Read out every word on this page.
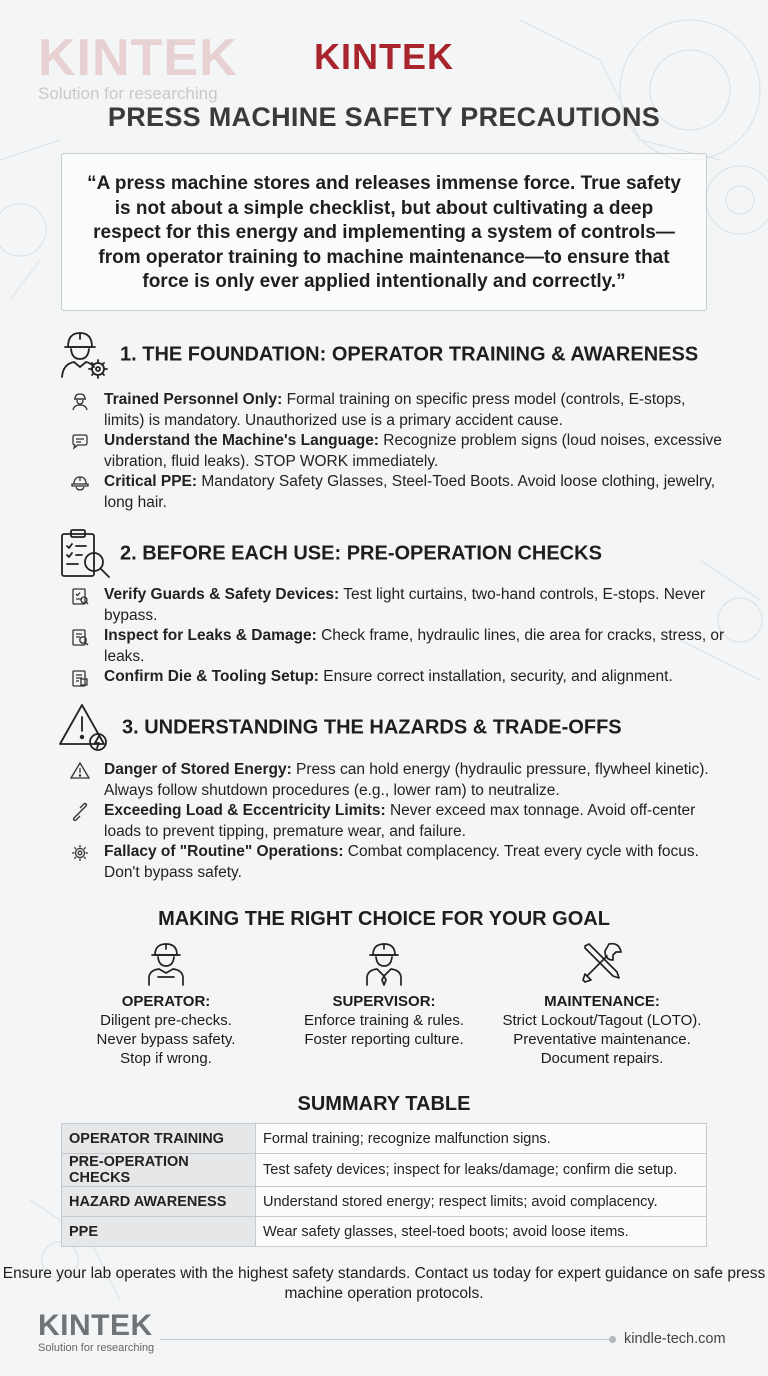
KINTEK
Solution for researching
KINTEK
PRESS MACHINE SAFETY PRECAUTIONS
“A press machine stores and releases immense force. True safety is not about a simple checklist, but about cultivating a deep respect for this energy and implementing a system of controls—from operator training to machine maintenance—to ensure that force is only ever applied intentionally and correctly.”
1. THE FOUNDATION: OPERATOR TRAINING & AWARENESS
Trained Personnel Only: Formal training on specific press model (controls, E-stops, limits) is mandatory. Unauthorized use is a primary accident cause.
Understand the Machine's Language: Recognize problem signs (loud noises, excessive vibration, fluid leaks). STOP WORK immediately.
Critical PPE: Mandatory Safety Glasses, Steel-Toed Boots. Avoid loose clothing, jewelry, long hair.
2. BEFORE EACH USE: PRE-OPERATION CHECKS
Verify Guards & Safety Devices: Test light curtains, two-hand controls, E-stops. Never bypass.
Inspect for Leaks & Damage: Check frame, hydraulic lines, die area for cracks, stress, or leaks.
Confirm Die & Tooling Setup: Ensure correct installation, security, and alignment.
3. UNDERSTANDING THE HAZARDS & TRADE-OFFS
Danger of Stored Energy: Press can hold energy (hydraulic pressure, flywheel kinetic). Always follow shutdown procedures (e.g., lower ram) to neutralize.
Exceeding Load & Eccentricity Limits: Never exceed max tonnage. Avoid off-center loads to prevent tipping, premature wear, and failure.
Fallacy of "Routine" Operations: Combat complacency. Treat every cycle with focus. Don't bypass safety.
MAKING THE RIGHT CHOICE FOR YOUR GOAL
OPERATOR:
Diligent pre-checks.
Never bypass safety.
Stop if wrong.
SUPERVISOR:
Enforce training & rules.
Foster reporting culture.
MAINTENANCE:
Strict Lockout/Tagout (LOTO).
Preventative maintenance.
Document repairs.
SUMMARY TABLE
OPERATOR TRAINING	Formal training; recognize malfunction signs.
PRE-OPERATION CHECKS	Test safety devices; inspect for leaks/damage; confirm die setup.
HAZARD AWARENESS	Understand stored energy; respect limits; avoid complacency.
PPE	Wear safety glasses, steel-toed boots; avoid loose items.
Ensure your lab operates with the highest safety standards. Contact us today for expert guidance on safe press machine operation protocols.
KINTEK
Solution for researching
kindle-tech.com
